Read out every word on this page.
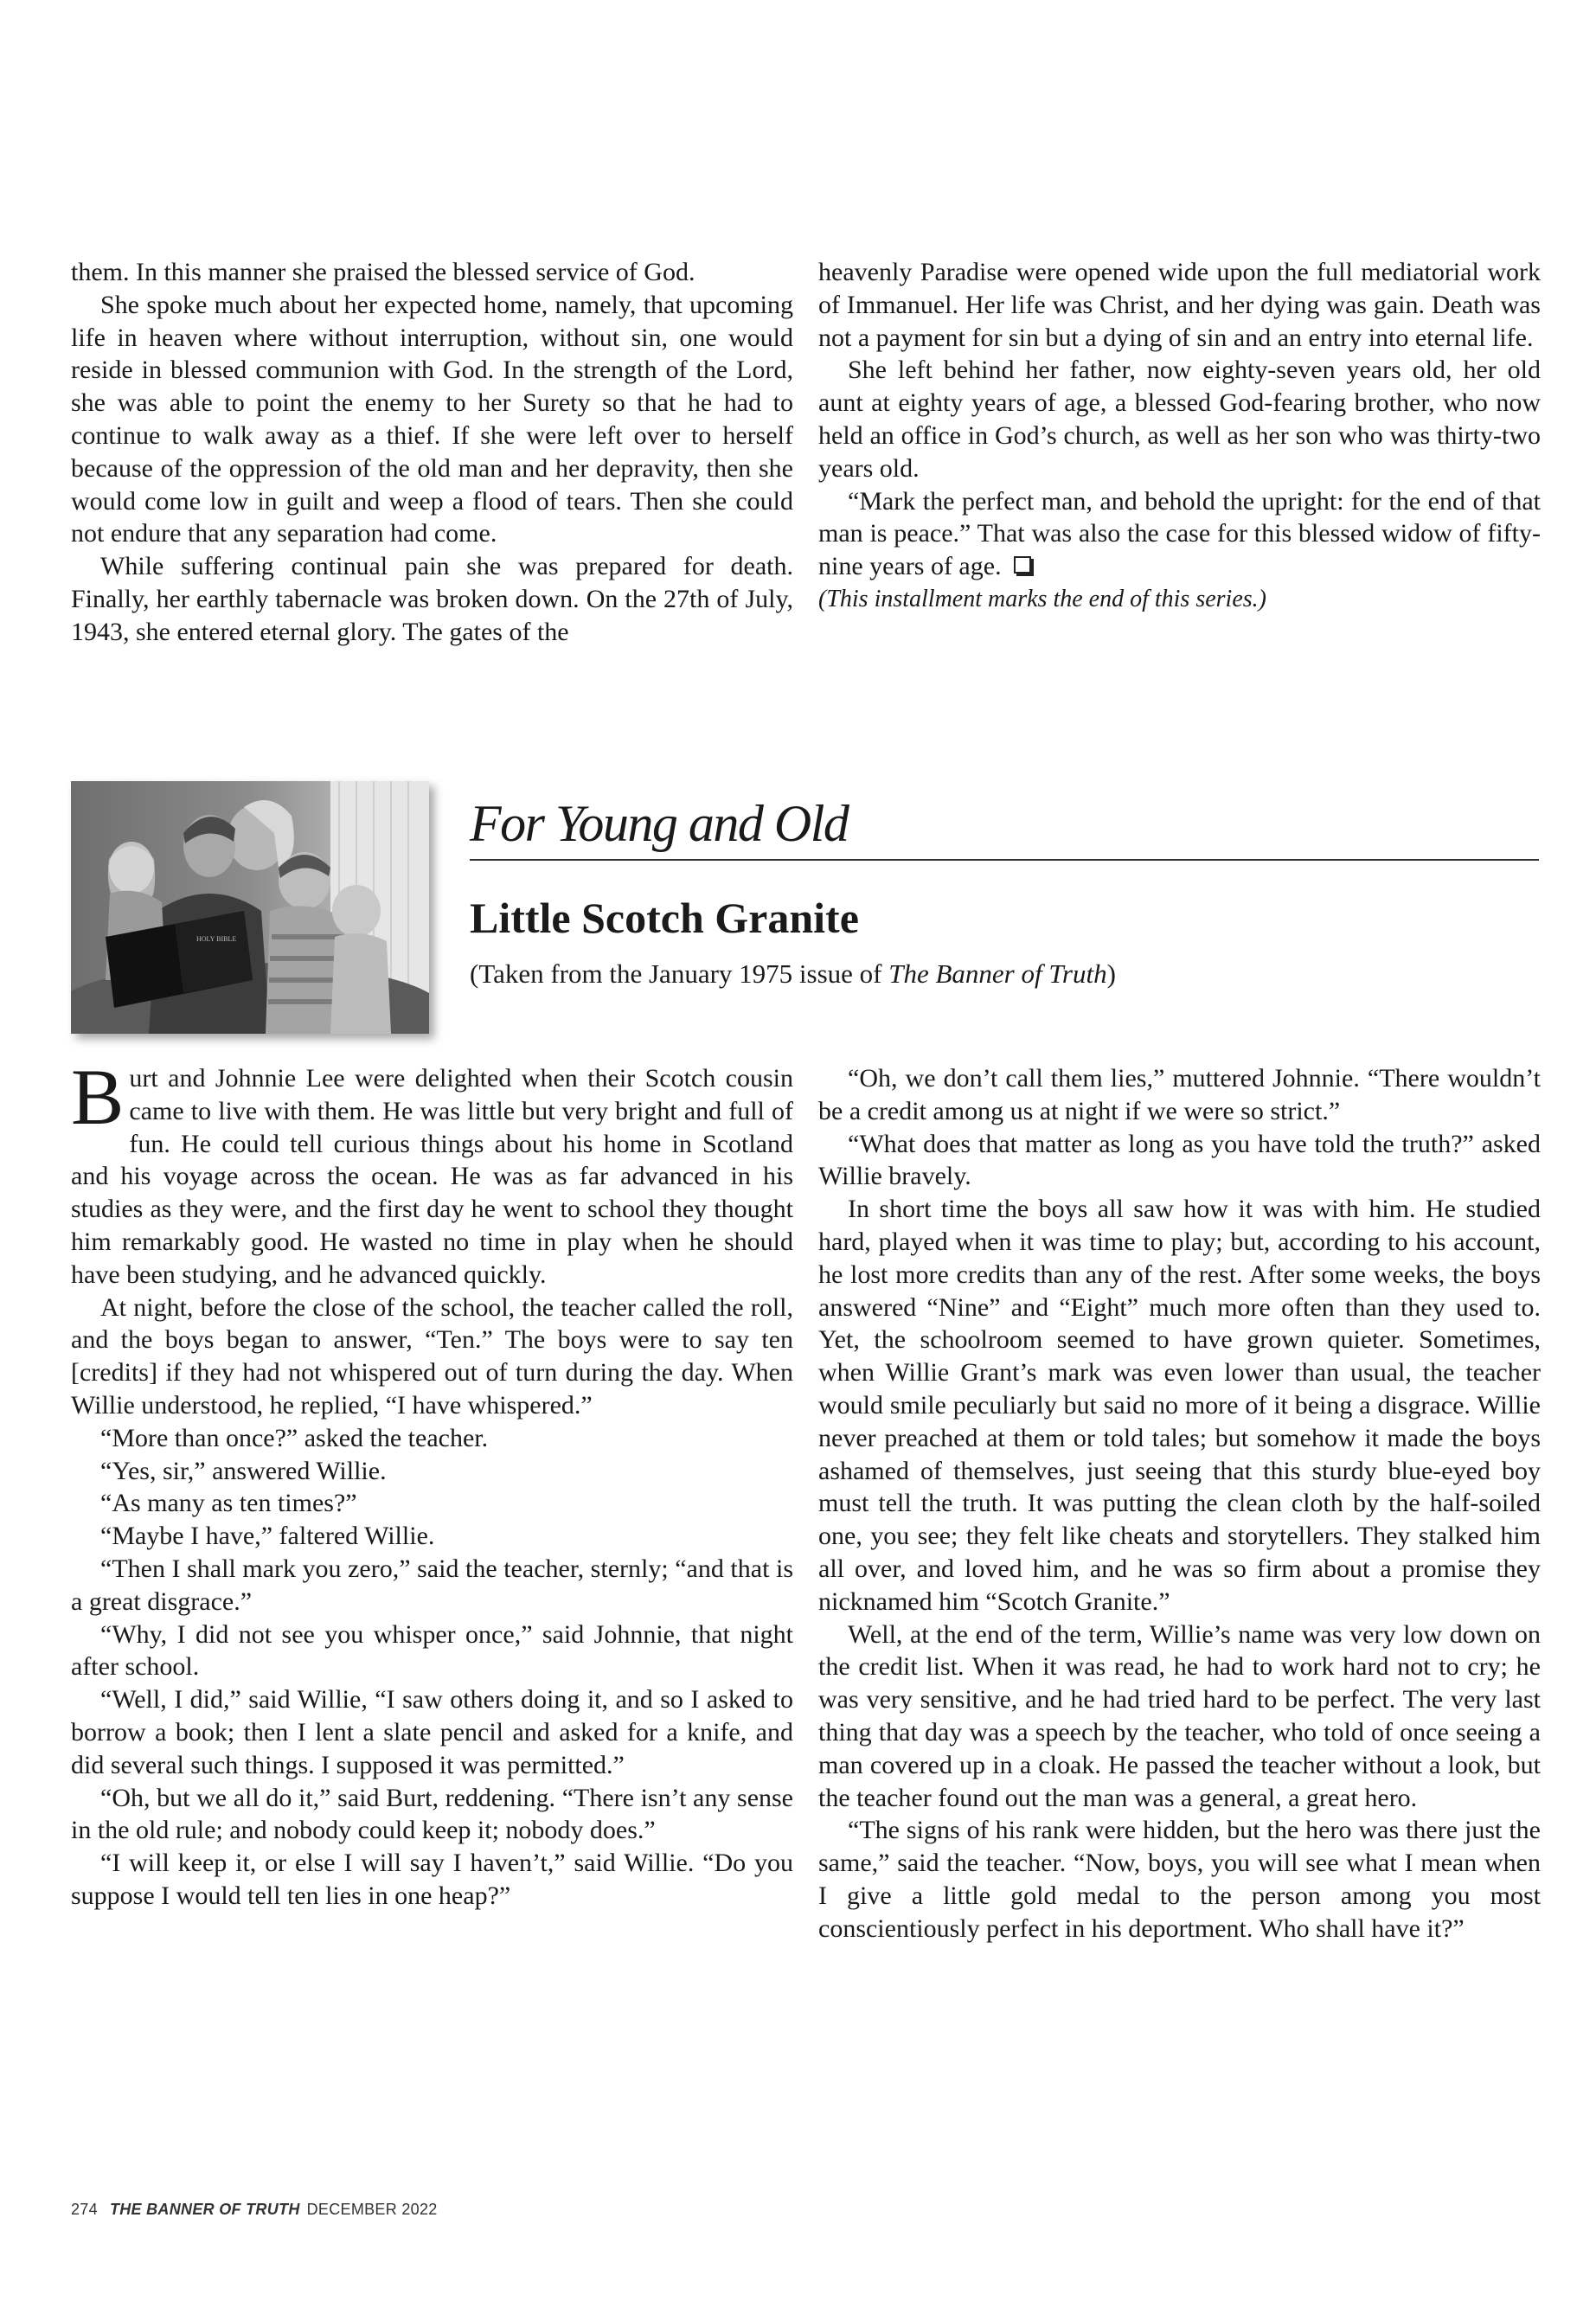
them. In this manner she praised the blessed service of God.

She spoke much about her expected home, namely, that upcoming life in heaven where without interruption, without sin, one would reside in blessed communion with God. In the strength of the Lord, she was able to point the enemy to her Surety so that he had to continue to walk away as a thief. If she were left over to herself because of the oppression of the old man and her depravity, then she would come low in guilt and weep a flood of tears. Then she could not endure that any separation had come.

While suffering continual pain she was prepared for death. Finally, her earthly tabernacle was broken down. On the 27th of July, 1943, she entered eternal glory. The gates of the

heavenly Paradise were opened wide upon the full mediatorial work of Immanuel. Her life was Christ, and her dying was gain. Death was not a payment for sin but a dying of sin and an entry into eternal life.

She left behind her father, now eighty-seven years old, her old aunt at eighty years of age, a blessed God-fearing brother, who now held an office in God’s church, as well as her son who was thirty-two years old.

“Mark the perfect man, and behold the upright: for the end of that man is peace.” That was also the case for this blessed widow of fifty-nine years of age.

(This installment marks the end of this series.)

HOLY BIBLE
For Young and Old
Little Scotch Granite
(Taken from the January 1975 issue of The Banner of Truth)

Burt and Johnnie Lee were delighted when their Scotch cousin came to live with them. He was little but very bright and full of fun. He could tell curious things about his home in Scotland and his voyage across the ocean. He was as far advanced in his studies as they were, and the first day he went to school they thought him remarkably good. He wasted no time in play when he should have been studying, and he advanced quickly.

At night, before the close of the school, the teacher called the roll, and the boys began to answer, “Ten.” The boys were to say ten [credits] if they had not whispered out of turn during the day. When Willie understood, he replied, “I have whispered.”

“More than once?” asked the teacher.

“Yes, sir,” answered Willie.

“As many as ten times?”

“Maybe I have,” faltered Willie.

“Then I shall mark you zero,” said the teacher, sternly; “and that is a great disgrace.”

“Why, I did not see you whisper once,” said Johnnie, that night after school.

“Well, I did,” said Willie, “I saw others doing it, and so I asked to borrow a book; then I lent a slate pencil and asked for a knife, and did several such things. I supposed it was permitted.”

“Oh, but we all do it,” said Burt, reddening. “There isn’t any sense in the old rule; and nobody could keep it; nobody does.”

“I will keep it, or else I will say I haven’t,” said Willie. “Do you suppose I would tell ten lies in one heap?”

“Oh, we don’t call them lies,” muttered Johnnie. “There wouldn’t be a credit among us at night if we were so strict.”

“What does that matter as long as you have told the truth?” asked Willie bravely.

In short time the boys all saw how it was with him. He studied hard, played when it was time to play; but, according to his account, he lost more credits than any of the rest. After some weeks, the boys answered “Nine” and “Eight” much more often than they used to. Yet, the schoolroom seemed to have grown quieter. Sometimes, when Willie Grant’s mark was even lower than usual, the teacher would smile peculiarly but said no more of it being a disgrace. Willie never preached at them or told tales; but somehow it made the boys ashamed of themselves, just seeing that this sturdy blue-eyed boy must tell the truth. It was putting the clean cloth by the half-soiled one, you see; they felt like cheats and storytellers. They stalked him all over, and loved him, and he was so firm about a promise they nicknamed him “Scotch Granite.”

Well, at the end of the term, Willie’s name was very low down on the credit list. When it was read, he had to work hard not to cry; he was very sensitive, and he had tried hard to be perfect. The very last thing that day was a speech by the teacher, who told of once seeing a man covered up in a cloak. He passed the teacher without a look, but the teacher found out the man was a general, a great hero.

“The signs of his rank were hidden, but the hero was there just the same,” said the teacher. “Now, boys, you will see what I mean when I give a little gold medal to the person among you most conscientiously perfect in his deportment. Who shall have it?”

274 THE BANNER OF TRUTH DECEMBER 2022
